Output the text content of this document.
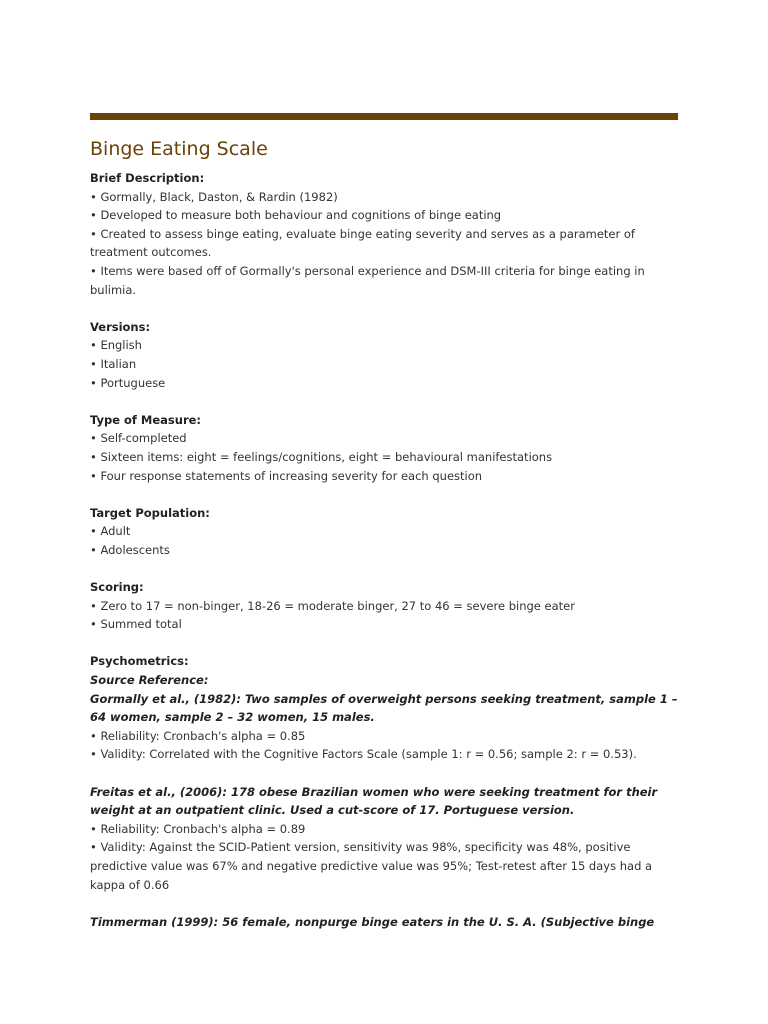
Binge Eating Scale
Brief Description:
• Gormally, Black, Daston, & Rardin (1982)
• Developed to measure both behaviour and cognitions of binge eating
• Created to assess binge eating, evaluate binge eating severity and serves as a parameter of treatment outcomes.
• Items were based off of Gormally's personal experience and DSM-III criteria for binge eating in bulimia.
Versions:
• English
• Italian
• Portuguese
Type of Measure:
• Self-completed
• Sixteen items: eight = feelings/cognitions, eight = behavioural manifestations
• Four response statements of increasing severity for each question
Target Population:
• Adult
• Adolescents
Scoring:
• Zero to 17 = non-binger, 18-26 = moderate binger, 27 to 46 = severe binge eater
• Summed total
Psychometrics:
Source Reference:
Gormally et al., (1982): Two samples of overweight persons seeking treatment, sample 1 – 64 women, sample 2 – 32 women, 15 males.
• Reliability: Cronbach's alpha = 0.85
• Validity: Correlated with the Cognitive Factors Scale (sample 1: r = 0.56; sample 2: r = 0.53).
Freitas et al., (2006): 178 obese Brazilian women who were seeking treatment for their weight at an outpatient clinic. Used a cut-score of 17. Portuguese version.
• Reliability: Cronbach's alpha = 0.89
• Validity: Against the SCID-Patient version, sensitivity was 98%, specificity was 48%, positive predictive value was 67% and negative predictive value was 95%; Test-retest after 15 days had a kappa of 0.66
Timmerman (1999): 56 female, nonpurge binge eaters in the U. S. A. (Subjective binge
